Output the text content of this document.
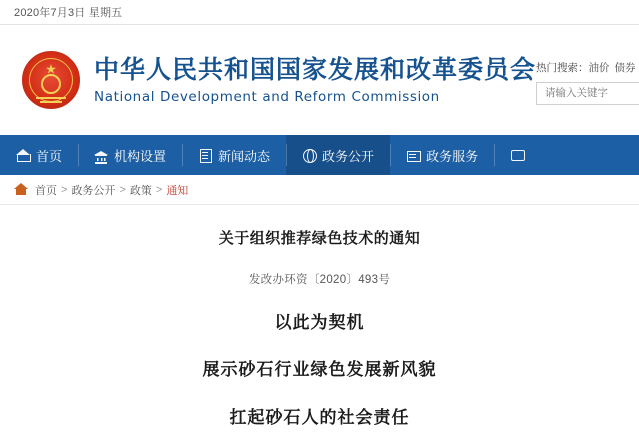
2020年7月3日 星期五
★ 中华人民共和国国家发展和改革委员会
National Development and Reform Commission
热门搜索：油价 债券
请输入关键字
首页	机构设置	新闻动态	政务公开	政务服务
首页 > 政务公开 > 政策 > 通知
关于组织推荐绿色技术的通知
发改办环资〔2020〕493号

以此为契机

展示砂石行业绿色发展新风貌

扛起砂石人的社会责任
